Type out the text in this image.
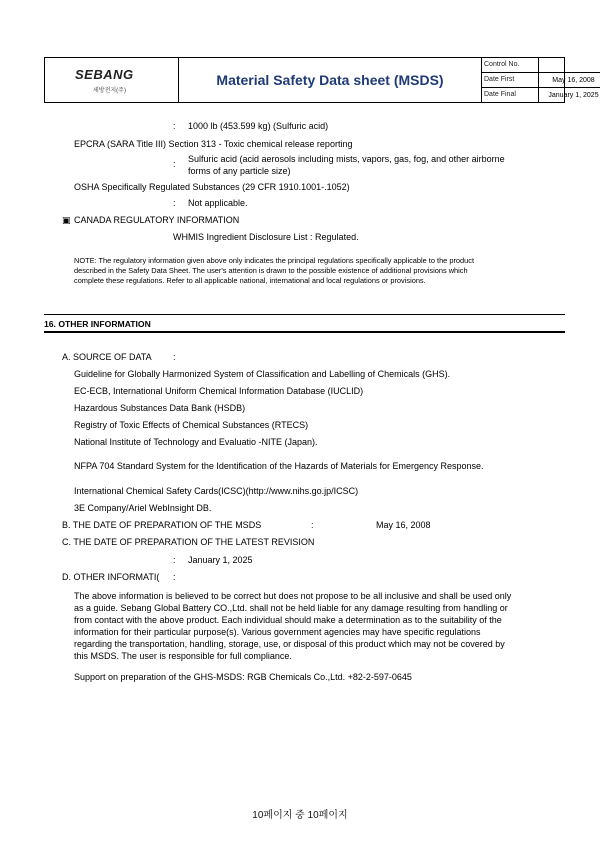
SEBANG
세방전지(주)
Material Safety Data sheet (MSDS)
Control No.
Date First	May 16, 2008
Date Final	January 1, 2025
: 1000 lb (453.599 kg) (Sulfuric acid)
EPCRA (SARA Title III) Section 313 - Toxic chemical release reporting
: Sulfuric acid (acid aerosols including mists, vapors, gas, fog, and other airborne
forms of any particle size)
OSHA Specifically Regulated Substances (29 CFR 1910.1001-.1052)
: Not applicable.
▣ CANADA REGULATORY INFORMATION
WHMIS Ingredient Disclosure List : Regulated.
NOTE: The regulatory information given above only indicates the principal regulations specifically applicable to the product
described in the Safety Data Sheet. The user's attention is drawn to the possible existence of additional provisions which
complete these regulations. Refer to all applicable national, international and local regulations or provisions.
16. OTHER INFORMATION
A. SOURCE OF DATA :
Guideline for Globally Harmonized System of Classification and Labelling of Chemicals (GHS).
EC-ECB, International Uniform Chemical Information Database (IUCLID)
Hazardous Substances Data Bank (HSDB)
Registry of Toxic Effects of Chemical Substances (RTECS)
National Institute of Technology and Evaluatio -NITE (Japan).
NFPA 704 Standard System for the Identification of the Hazards of Materials for Emergency Response.
International Chemical Safety Cards(ICSC)(http://www.nihs.go.jp/ICSC)
3E Company/Ariel WebInsight DB.
B. THE DATE OF PREPARATION OF THE MSDS	:	May 16, 2008
C. THE DATE OF PREPARATION OF THE LATEST REVISION
: January 1, 2025
D. OTHER INFORMATI( :
The above information is believed to be correct but does not propose to be all inclusive and shall be used only
as a guide. Sebang Global Battery CO.,Ltd. shall not be held liable for any damage resulting from handling or
from contact with the above product. Each individual should make a determination as to the suitability of the
information for their particular purpose(s). Various government agencies may have specific regulations
regarding the transportation, handling, storage, use, or disposal of this product which may not be covered by
this MSDS. The user is responsible for full compliance.
Support on preparation of the GHS-MSDS: RGB Chemicals Co.,Ltd. +82-2-597-0645
10페이지 중 10페이지
